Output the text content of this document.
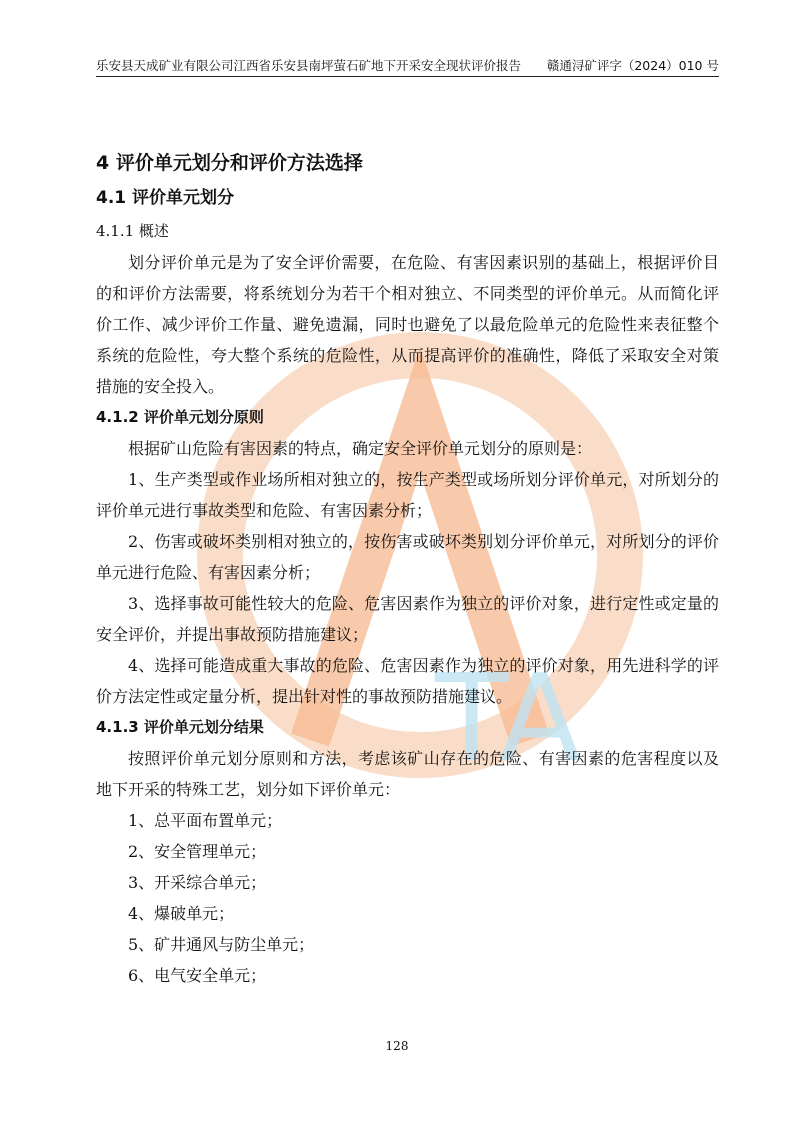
乐安县天成矿业有限公司江西省乐安县南坪萤石矿地下开采安全现状评价报告 赣通浔矿评字（2024）010 号
TA
4 评价单元划分和评价方法选择
4.1 评价单元划分
4.1.1 概述

划分评价单元是为了安全评价需要，在危险、有害因素识别的基础上，根据评价目的和评价方法需要，将系统划分为若干个相对独立、不同类型的评价单元。从而简化评价工作、减少评价工作量、避免遗漏，同时也避免了以最危险单元的危险性来表征整个系统的危险性，夸大整个系统的危险性，从而提高评价的准确性，降低了采取安全对策措施的安全投入。

4.1.2 评价单元划分原则

根据矿山危险有害因素的特点，确定安全评价单元划分的原则是：

1、生产类型或作业场所相对独立的，按生产类型或场所划分评价单元，对所划分的评价单元进行事故类型和危险、有害因素分析；

2、伤害或破坏类别相对独立的，按伤害或破坏类别划分评价单元，对所划分的评价单元进行危险、有害因素分析；

3、选择事故可能性较大的危险、危害因素作为独立的评价对象，进行定性或定量的安全评价，并提出事故预防措施建议；

4、选择可能造成重大事故的危险、危害因素作为独立的评价对象，用先进科学的评价方法定性或定量分析，提出针对性的事故预防措施建议。

4.1.3 评价单元划分结果

按照评价单元划分原则和方法，考虑该矿山存在的危险、有害因素的危害程度以及地下开采的特殊工艺，划分如下评价单元：

1、总平面布置单元；

2、安全管理单元；

3、开采综合单元；

4、爆破单元；

5、矿井通风与防尘单元；

6、电气安全单元；

128
